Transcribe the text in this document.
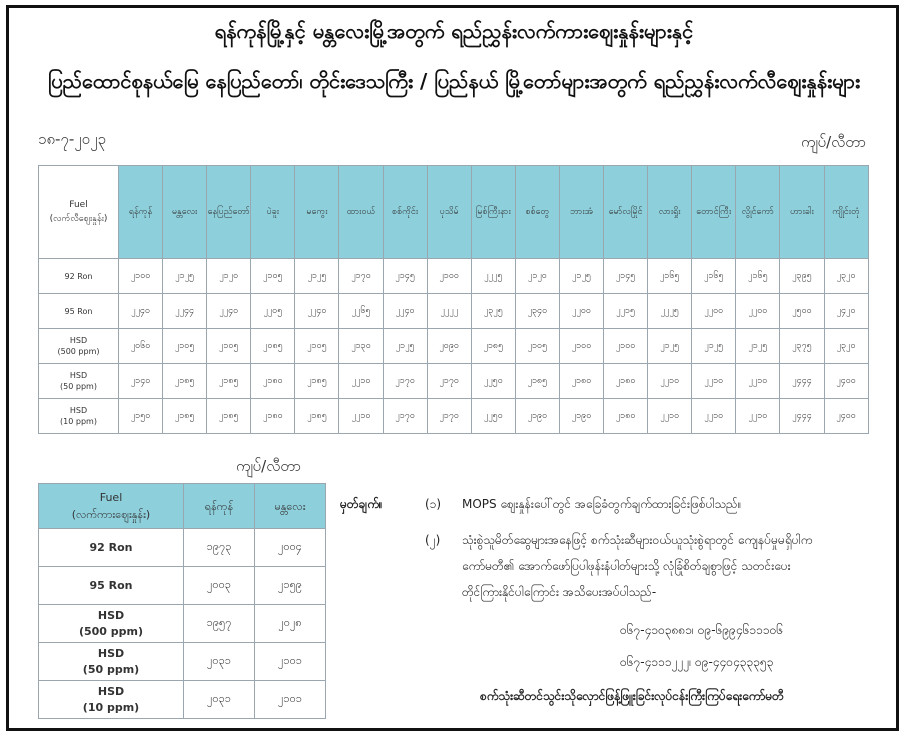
ရန်ကုန်မြို့နှင့် မန္တလေးမြို့အတွက် ရည်ညွှန်းလက်ကားဈေးနှုန်းများနှင့်
ပြည်ထောင်စုနယ်မြေ နေပြည်တော်၊ တိုင်းဒေသကြီး / ပြည်နယ် မြို့တော်များအတွက် ရည်ညွှန်းလက်လီဈေးနှုန်းများ
၁၈-၇-၂၀၂၃	ကျပ်/လီတာ
Fuel
(လက်လီဈေးနှုန်း)	ရန်ကုန်	မန္တလေး	နေပြည်တော်	ပဲခူး	မကွေး	ထားဝယ်	စစ်ကိုင်း	ပုသိမ်	မြစ်ကြီးနား	စစ်တွေ	ဘားအံ	မော်လမြိုင်	လားရှိုး	တောင်ကြီး	လွိုင်ကော်	ဟားခါး	ကျိုင်းတုံ

92 Ron	၂၁၀၀	၂၁၂၅	၂၁၂၀	၂၁၀၅	၂၁၂၅	၂၁၇၀	၂၁၄၅	၂၁၀၀	၂၂၂၅	၂၁၂၀	၂၁၂၅	၂၁၄၅	၂၁၆၅	၂၁၆၅	၂၁၆၅	၂၃၉၅	၂၃၂၀

95 Ron	၂၂၄၀	၂၂၄၄	၂၂၄၀	၂၂၀၅	၂၂၄၀	၂၂၆၅	၂၂၄၀	၂၂၂၂	၂၃၂၅	၂၃၄၀	၂၂၀၀	၂၂၁၅	၂၂၂၅	၂၂၀၀	၂၂၀၀	၂၅၀၀	၂၄၂၀

HSD
(500 ppm)	၂၀၆၀	၂၁၀၅	၂၁၀၅	၂၀၈၅	၂၁၀၅	၂၁၃၀	၂၁၂၅	၂၀၉၀	၂၁၈၅	၂၁၀၅	၂၁၀၀	၂၁၀၀	၂၁၂၅	၂၁၂၅	၂၁၂၅	၂၃၇၅	၂၃၂၀

HSD
(50 ppm)	၂၁၄၀	၂၁၈၅	၂၁၈၅	၂၁၈၀	၂၁၈၅	၂၂၁၀	၂၁၇၀	၂၁၇၀	၂၂၅၀	၂၁၈၅	၂၁၈၀	၂၁၈၀	၂၂၁၀	၂၂၁၀	၂၂၁၀	၂၄၄၄	၂၄၀၀

HSD
(10 ppm)	၂၁၅၀	၂၁၈၅	၂၁၈၅	၂၁၈၀	၂၁၈၅	၂၂၁၀	၂၁၇၀	၂၁၇၀	၂၂၅၀	၂၁၉၀	၂၁၉၀	၂၁၈၀	၂၂၁၀	၂၂၁၀	၂၂၁၀	၂၄၄၄	၂၄၀၀
ကျပ်/လီတာ
Fuel
(လက်ကားဈေးနှုန်း)	ရန်ကုန်	မန္တလေး

92 Ron	၁၉၇၃	၂၀၀၄

95 Ron	၂၀၀၃	၂၁၅၉

HSD
(500 ppm)	၁၉၅၇	၂၀၂၈

HSD
(50 ppm)	၂၀၃၁	၂၁၀၁

HSD
(10 ppm)	၂၀၃၁	၂၁၀၁
မှတ်ချက်။	(၁) MOPS ဈေးနှုန်းပေါ်တွင် အခြေခံတွက်ချက်ထားခြင်းဖြစ်ပါသည်။
(၂) သုံးစွဲသူမိတ်ဆွေများအနေဖြင့် စက်သုံးဆီများဝယ်ယူသုံးစွဲရာတွင် ကျေနပ်မှုမရှိပါက
ကော်မတီ၏ အောက်ဖော်ပြပါဖုန်းနံပါတ်များသို့ လုံခြုံစိတ်ချစွာဖြင့် သတင်းပေး
တိုင်ကြားနိုင်ပါကြောင်း အသိပေးအပ်ပါသည်-
၀၆၇-၄၁၀၃၈၈၁၊ ၀၉-၆၉၉၄၆၁၁၁၀၆
၀၆၇-၄၁၁၁၂၂၂၊ ၀၉-၄၄၀၄၃၃၃၅၃
စက်သုံးဆီတင်သွင်းသိုလှောင်ဖြန့်ဖြူးခြင်းလုပ်ငန်းကြီးကြပ်ရေးကော်မတီ
